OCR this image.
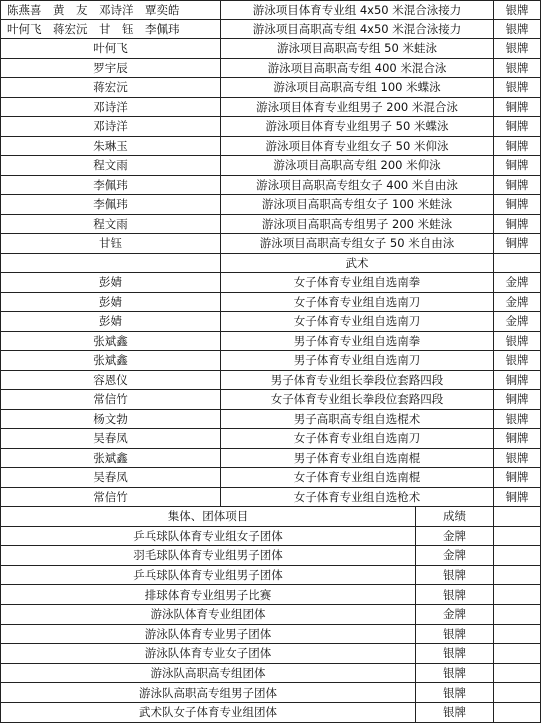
陈燕喜　黄　友　邓诗洋　覃奕皓	游泳项目体育专业组 4x50 米混合泳接力	银牌
叶何飞　蒋宏沅　甘　钰　李佩玮	游泳项目高职高专组 4x50 米混合泳接力	银牌
叶何飞	游泳项目高职高专组 50 米蛙泳	银牌
罗宇辰	游泳项目高职高专组 400 米混合泳	银牌
蒋宏沅	游泳项目高职高专组 100 米蝶泳	银牌
邓诗洋	游泳项目体育专业组男子 200 米混合泳	铜牌
邓诗洋	游泳项目体育专业组男子 50 米蝶泳	铜牌
朱琳玉	游泳项目体育专业组女子 50 米仰泳	铜牌
程文雨	游泳项目高职高专组 200 米仰泳	铜牌
李佩玮	游泳项目高职高专组女子 400 米自由泳	铜牌
李佩玮	游泳项目高职高专组女子 100 米蛙泳	铜牌
程文雨	游泳项目高职高专组男子 200 米蛙泳	铜牌
甘钰	游泳项目高职高专组女子 50 米自由泳	铜牌
武术
彭婧	女子体育专业组自选南拳	金牌
彭婧	女子体育专业组自选南刀	金牌
彭婧	女子体育专业组自选南刀	金牌
张斌鑫	男子体育专业组自选南拳	银牌
张斌鑫	男子体育专业组自选南刀	银牌
容恩仪	男子体育专业组长拳段位套路四段	铜牌
常信竹	女子体育专业组长拳段位套路四段	铜牌
杨文勃	男子高职高专组自选棍术	银牌
吴春凤	女子体育专业组自选南刀	铜牌
张斌鑫	男子体育专业组自选南棍	银牌
吴春凤	女子体育专业组自选南棍	铜牌
常信竹	女子体育专业组自选枪术	铜牌
集体、团体项目	成绩
乒乓球队体育专业组女子团体	金牌
羽毛球队体育专业组男子团体	金牌
乒乓球队体育专业组男子团体	银牌
排球体育专业组男子比赛	银牌
游泳队体育专业组团体	金牌
游泳队体育专业男子团体	银牌
游泳队体育专业女子团体	银牌
游泳队高职高专组团体	银牌
游泳队高职高专组男子团体	银牌
武术队女子体育专业组团体	银牌
